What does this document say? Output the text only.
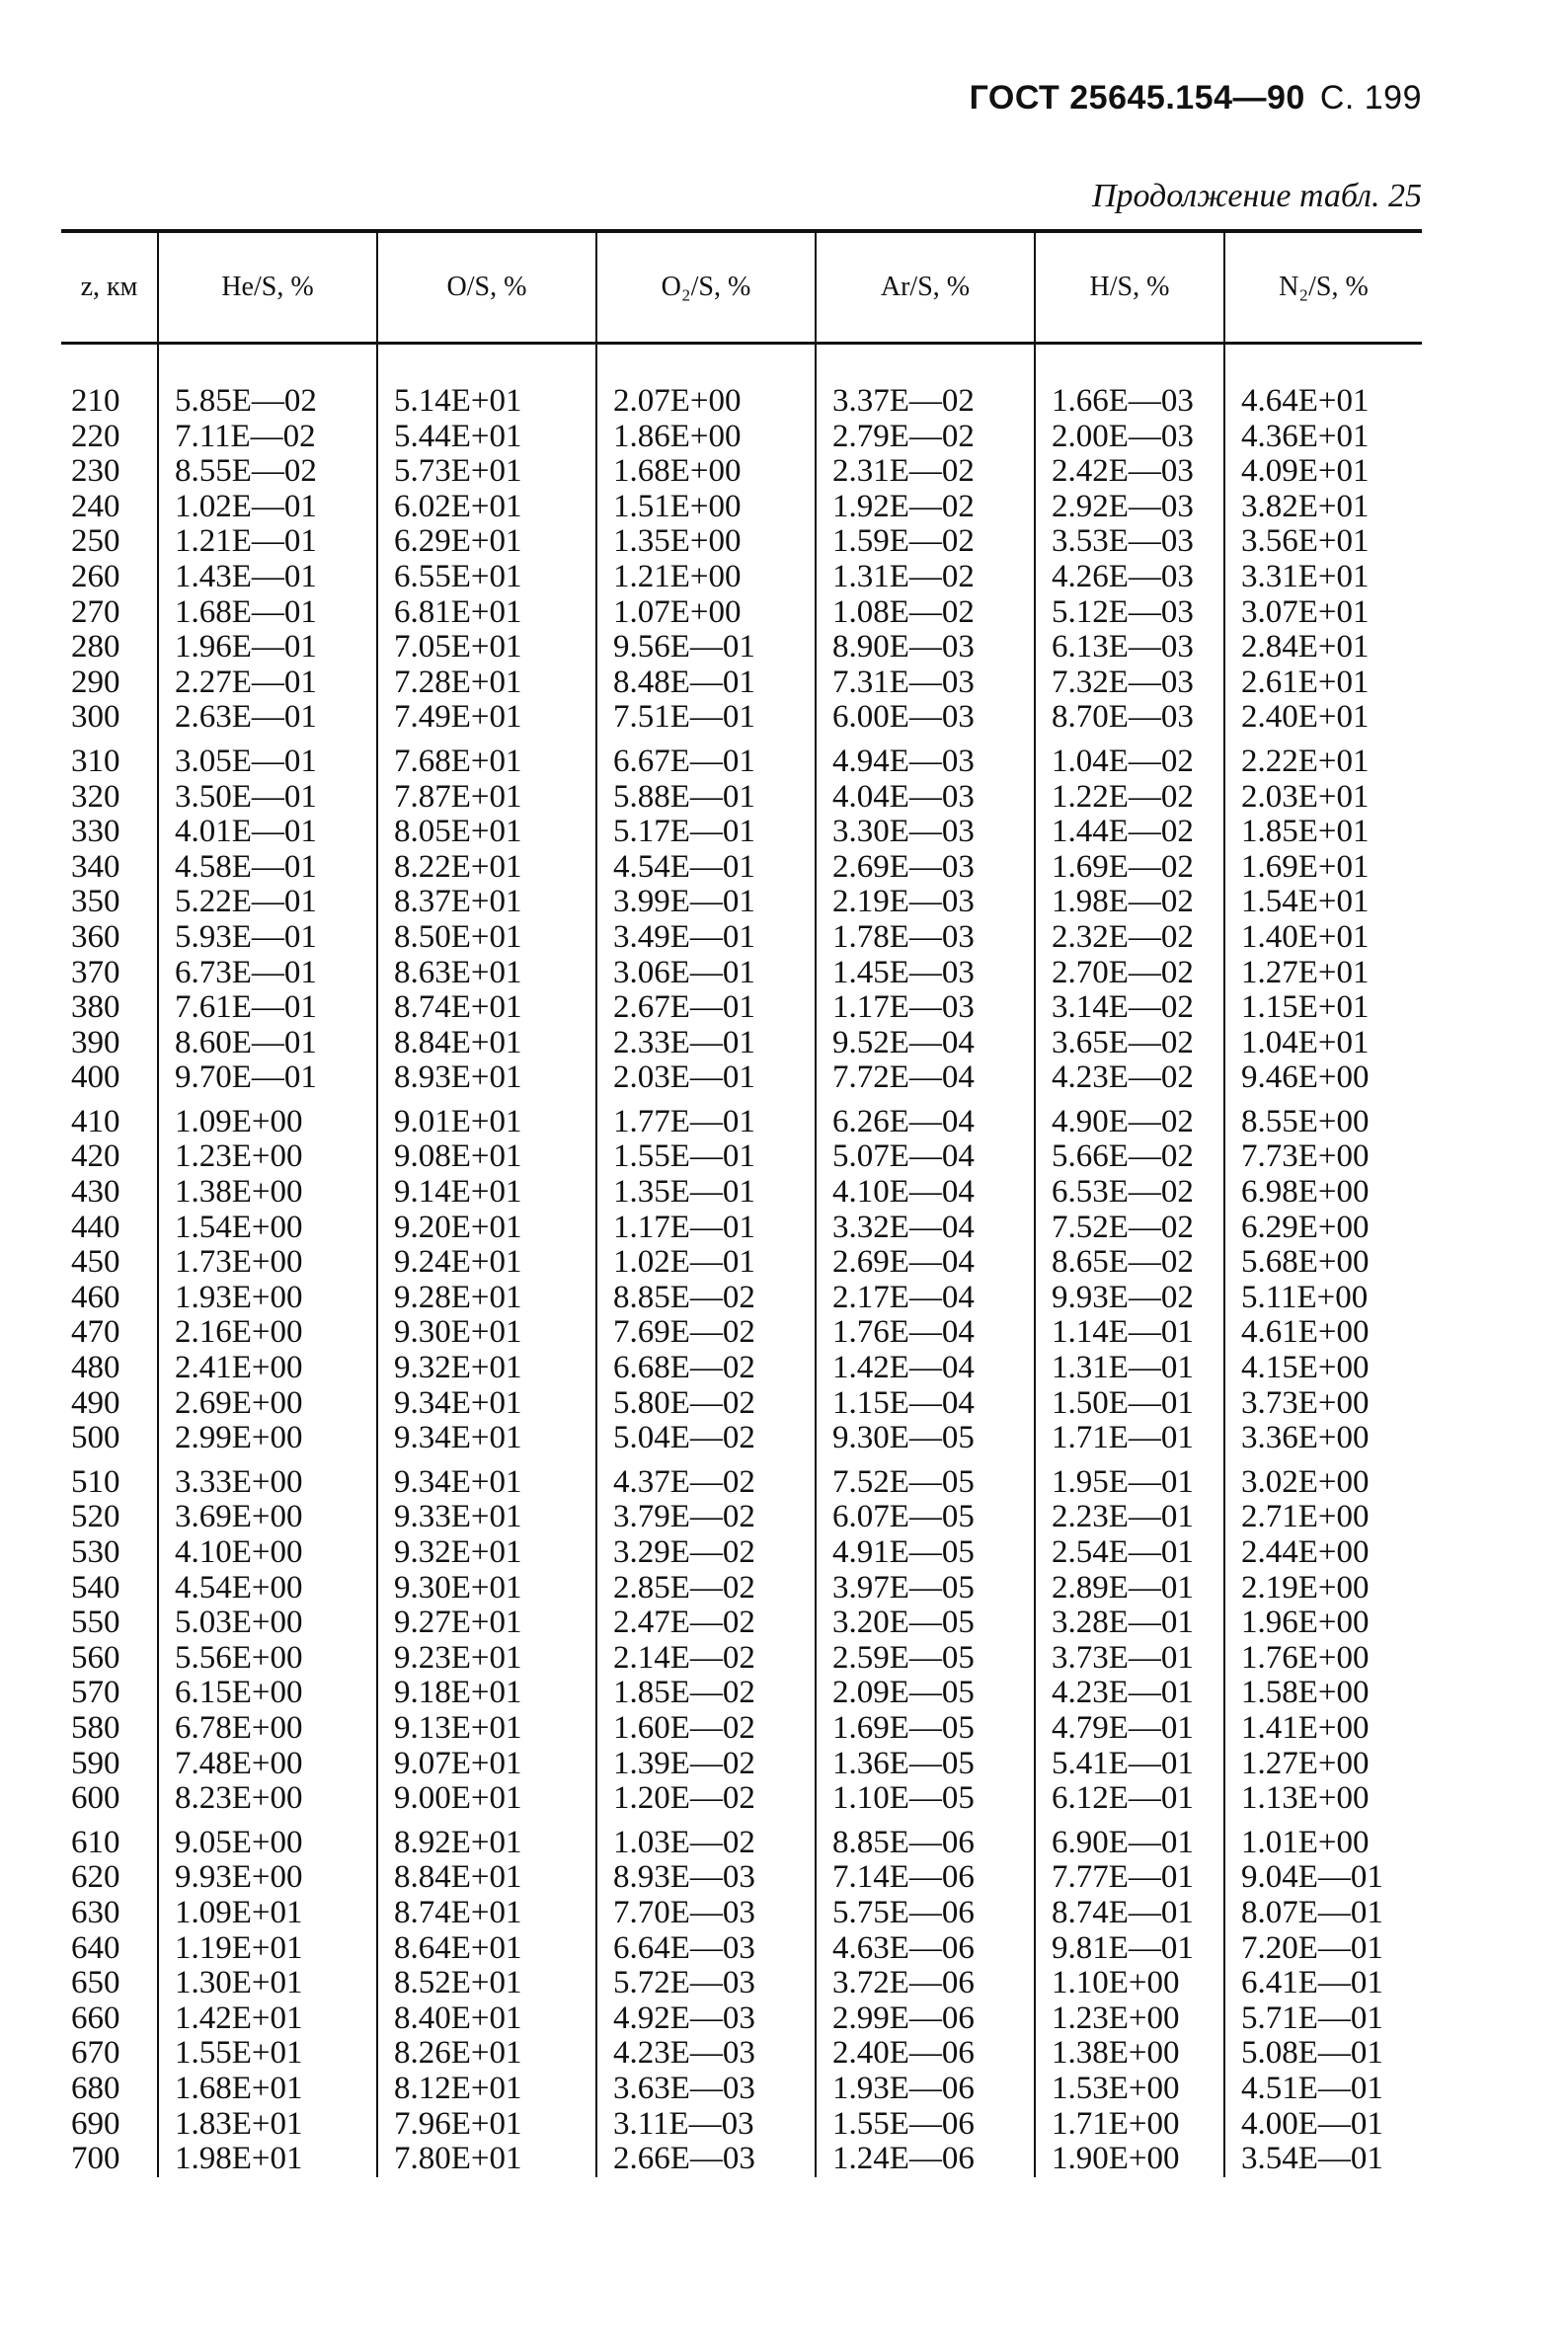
ГОСТ 25645.154—90 С. 199
Продолжение табл. 25
z, км	He/S, %	O/S, %	O₂/S, %	Ar/S, %	H/S, %	N₂/S, %
210	5.85E—02	5.14E+01	2.07E+00	3.37E—02	1.66E—03	4.64E+01
220	7.11E—02	5.44E+01	1.86E+00	2.79E—02	2.00E—03	4.36E+01
230	8.55E—02	5.73E+01	1.68E+00	2.31E—02	2.42E—03	4.09E+01
240	1.02E—01	6.02E+01	1.51E+00	1.92E—02	2.92E—03	3.82E+01
250	1.21E—01	6.29E+01	1.35E+00	1.59E—02	3.53E—03	3.56E+01
260	1.43E—01	6.55E+01	1.21E+00	1.31E—02	4.26E—03	3.31E+01
270	1.68E—01	6.81E+01	1.07E+00	1.08E—02	5.12E—03	3.07E+01
280	1.96E—01	7.05E+01	9.56E—01	8.90E—03	6.13E—03	2.84E+01
290	2.27E—01	7.28E+01	8.48E—01	7.31E—03	7.32E—03	2.61E+01
300	2.63E—01	7.49E+01	7.51E—01	6.00E—03	8.70E—03	2.40E+01
310	3.05E—01	7.68E+01	6.67E—01	4.94E—03	1.04E—02	2.22E+01
320	3.50E—01	7.87E+01	5.88E—01	4.04E—03	1.22E—02	2.03E+01
330	4.01E—01	8.05E+01	5.17E—01	3.30E—03	1.44E—02	1.85E+01
340	4.58E—01	8.22E+01	4.54E—01	2.69E—03	1.69E—02	1.69E+01
350	5.22E—01	8.37E+01	3.99E—01	2.19E—03	1.98E—02	1.54E+01
360	5.93E—01	8.50E+01	3.49E—01	1.78E—03	2.32E—02	1.40E+01
370	6.73E—01	8.63E+01	3.06E—01	1.45E—03	2.70E—02	1.27E+01
380	7.61E—01	8.74E+01	2.67E—01	1.17E—03	3.14E—02	1.15E+01
390	8.60E—01	8.84E+01	2.33E—01	9.52E—04	3.65E—02	1.04E+01
400	9.70E—01	8.93E+01	2.03E—01	7.72E—04	4.23E—02	9.46E+00
410	1.09E+00	9.01E+01	1.77E—01	6.26E—04	4.90E—02	8.55E+00
420	1.23E+00	9.08E+01	1.55E—01	5.07E—04	5.66E—02	7.73E+00
430	1.38E+00	9.14E+01	1.35E—01	4.10E—04	6.53E—02	6.98E+00
440	1.54E+00	9.20E+01	1.17E—01	3.32E—04	7.52E—02	6.29E+00
450	1.73E+00	9.24E+01	1.02E—01	2.69E—04	8.65E—02	5.68E+00
460	1.93E+00	9.28E+01	8.85E—02	2.17E—04	9.93E—02	5.11E+00
470	2.16E+00	9.30E+01	7.69E—02	1.76E—04	1.14E—01	4.61E+00
480	2.41E+00	9.32E+01	6.68E—02	1.42E—04	1.31E—01	4.15E+00
490	2.69E+00	9.34E+01	5.80E—02	1.15E—04	1.50E—01	3.73E+00
500	2.99E+00	9.34E+01	5.04E—02	9.30E—05	1.71E—01	3.36E+00
510	3.33E+00	9.34E+01	4.37E—02	7.52E—05	1.95E—01	3.02E+00
520	3.69E+00	9.33E+01	3.79E—02	6.07E—05	2.23E—01	2.71E+00
530	4.10E+00	9.32E+01	3.29E—02	4.91E—05	2.54E—01	2.44E+00
540	4.54E+00	9.30E+01	2.85E—02	3.97E—05	2.89E—01	2.19E+00
550	5.03E+00	9.27E+01	2.47E—02	3.20E—05	3.28E—01	1.96E+00
560	5.56E+00	9.23E+01	2.14E—02	2.59E—05	3.73E—01	1.76E+00
570	6.15E+00	9.18E+01	1.85E—02	2.09E—05	4.23E—01	1.58E+00
580	6.78E+00	9.13E+01	1.60E—02	1.69E—05	4.79E—01	1.41E+00
590	7.48E+00	9.07E+01	1.39E—02	1.36E—05	5.41E—01	1.27E+00
600	8.23E+00	9.00E+01	1.20E—02	1.10E—05	6.12E—01	1.13E+00
610	9.05E+00	8.92E+01	1.03E—02	8.85E—06	6.90E—01	1.01E+00
620	9.93E+00	8.84E+01	8.93E—03	7.14E—06	7.77E—01	9.04E—01
630	1.09E+01	8.74E+01	7.70E—03	5.75E—06	8.74E—01	8.07E—01
640	1.19E+01	8.64E+01	6.64E—03	4.63E—06	9.81E—01	7.20E—01
650	1.30E+01	8.52E+01	5.72E—03	3.72E—06	1.10E+00	6.41E—01
660	1.42E+01	8.40E+01	4.92E—03	2.99E—06	1.23E+00	5.71E—01
670	1.55E+01	8.26E+01	4.23E—03	2.40E—06	1.38E+00	5.08E—01
680	1.68E+01	8.12E+01	3.63E—03	1.93E—06	1.53E+00	4.51E—01
690	1.83E+01	7.96E+01	3.11E—03	1.55E—06	1.71E+00	4.00E—01
700	1.98E+01	7.80E+01	2.66E—03	1.24E—06	1.90E+00	3.54E—01
